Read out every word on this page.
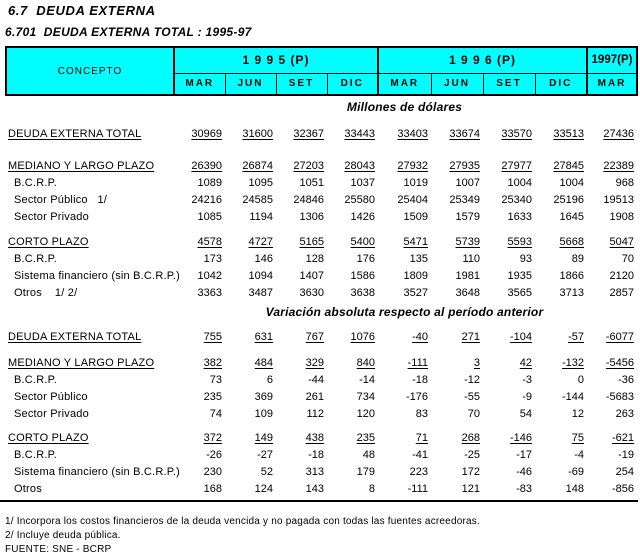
6.7  DEUDA EXTERNA
6.701  DEUDA EXTERNA TOTAL : 1995-97
CONCEPTO	1 9 9 5 (P)				1 9 9 6 (P)				1997(P)
	MAR	JUN	SET	DIC	MAR	JUN	SET	DIC	MAR
Millones de dólares
DEUDA EXTERNA TOTAL	30969	31600	32367	33443	33403	33674	33570	33513	27436
MEDIANO Y LARGO PLAZO	26390	26874	27203	28043	27932	27935	27977	27845	22389
B.C.R.P.	1089	1095	1051	1037	1019	1007	1004	1004	968
Sector Público   1/	24216	24585	24846	25580	25404	25349	25340	25196	19513
Sector Privado	1085	1194	1306	1426	1509	1579	1633	1645	1908
CORTO PLAZO	4578	4727	5165	5400	5471	5739	5593	5668	5047
B.C.R.P.	173	146	128	176	135	110	93	89	70
Sistema financiero (sin B.C.R.P.)	1042	1094	1407	1586	1809	1981	1935	1866	2120
Otros    1/ 2/	3363	3487	3630	3638	3527	3648	3565	3713	2857
Variación absoluta respecto al período anterior
DEUDA EXTERNA TOTAL	755	631	767	1076	-40	271	-104	-57	-6077
MEDIANO Y LARGO PLAZO	382	484	329	840	-111	3	42	-132	-5456
B.C.R.P.	73	6	-44	-14	-18	-12	-3	0	-36
Sector Público	235	369	261	734	-176	-55	-9	-144	-5683
Sector Privado	74	109	112	120	83	70	54	12	263
CORTO PLAZO	372	149	438	235	71	268	-146	75	-621
B.C.R.P.	-26	-27	-18	48	-41	-25	-17	-4	-19
Sistema financiero (sin B.C.R.P.)	230	52	313	179	223	172	-46	-69	254
Otros	168	124	143	8	-111	121	-83	148	-856
1/ Incorpora los costos financieros de la deuda vencida y no pagada con todas las fuentes acreedoras.
2/ Incluye deuda pública.
FUENTE: SNE - BCRP
